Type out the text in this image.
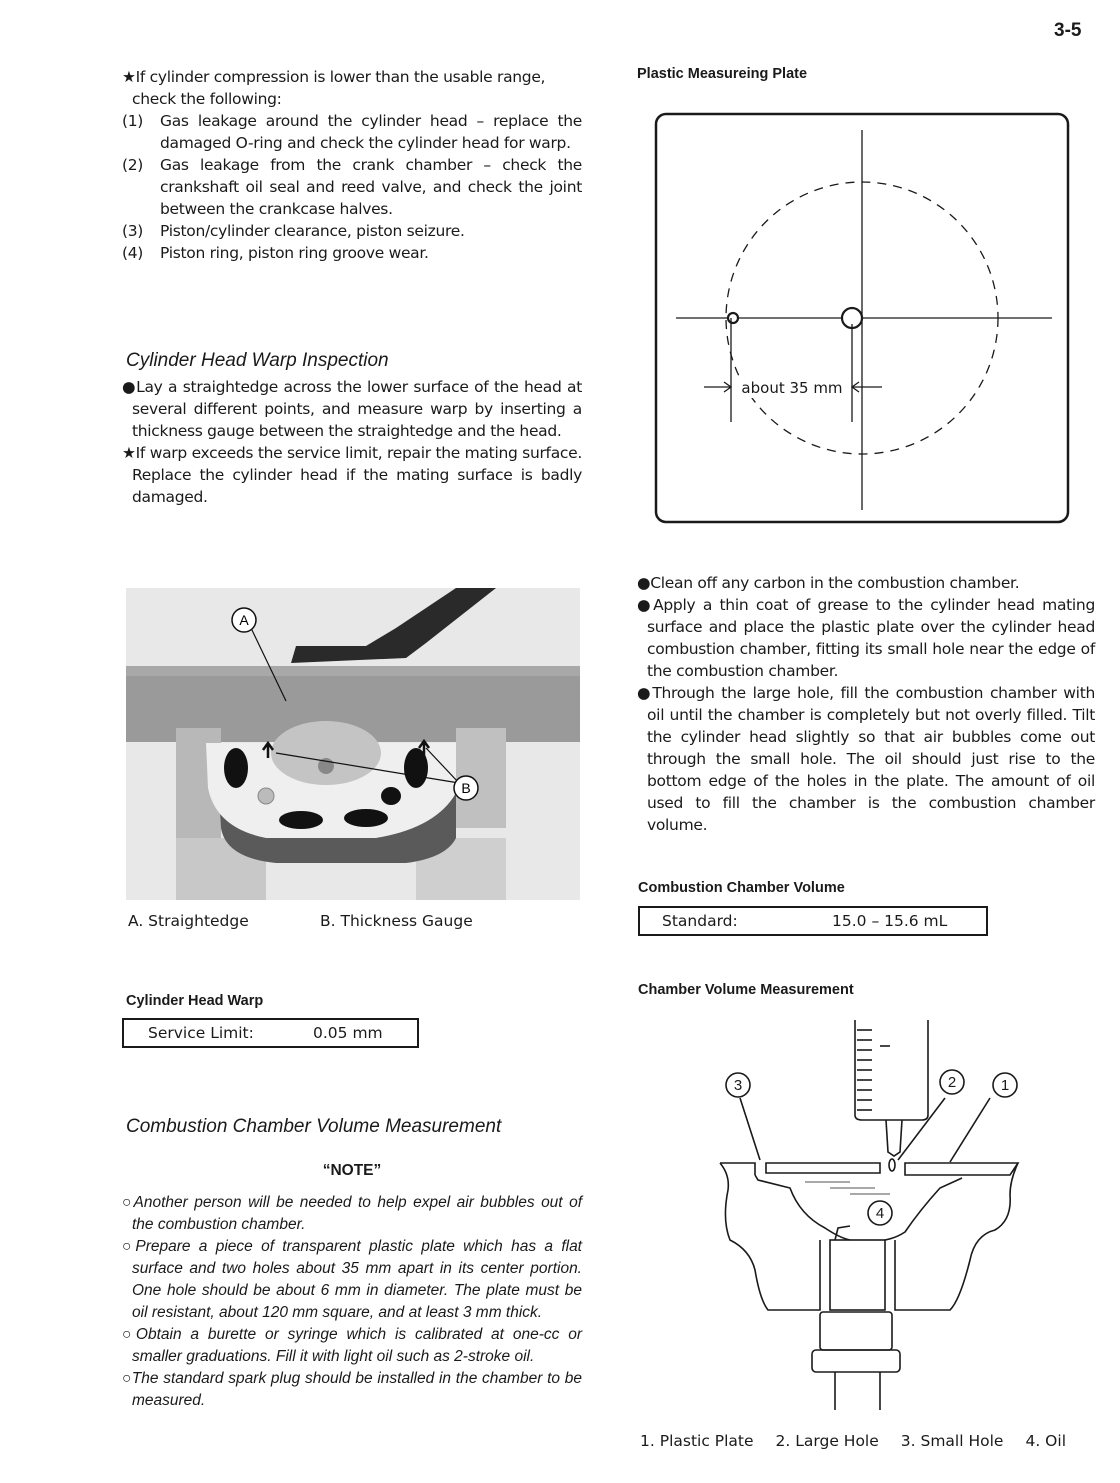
3-5
★If cylinder compression is lower than the usable range, check the following:
(1) Gas leakage around the cylinder head – replace the damaged O-ring and check the cylinder head for warp.
(2) Gas leakage from the crank chamber – check the crankshaft oil seal and reed valve, and check the joint between the crankcase halves.
(3) Piston/cylinder clearance, piston seizure.
(4) Piston ring, piston ring groove wear.
Cylinder Head Warp Inspection
●Lay a straightedge across the lower surface of the head at several different points, and measure warp by inserting a thickness gauge between the straightedge and the head.
★If warp exceeds the service limit, repair the mating surface. Replace the cylinder head if the mating surface is badly damaged.
A
B
A. Straightedge	B. Thickness Gauge
Cylinder Head Warp
Service Limit:	0.05 mm
Combustion Chamber Volume Measurement
“NOTE”
○Another person will be needed to help expel air bubbles out of the combustion chamber.
○Prepare a piece of transparent plastic plate which has a flat surface and two holes about 35 mm apart in its center portion. One hole should be about 6 mm in diameter. The plate must be oil resistant, about 120 mm square, and at least 3 mm thick.
○Obtain a burette or syringe which is calibrated at one-cc or smaller graduations. Fill it with light oil such as 2-stroke oil.
○The standard spark plug should be installed in the chamber to be measured.
Plastic Measureing Plate
about 35 mm
●Clean off any carbon in the combustion chamber.
●Apply a thin coat of grease to the cylinder head mating surface and place the plastic plate over the cylinder head combustion chamber, fitting its small hole near the edge of the combustion chamber.
●Through the large hole, fill the combustion chamber with oil until the chamber is completely but not overly filled. Tilt the cylinder head slightly so that air bubbles come out through the small hole. The oil should just rise to the bottom edge of the holes in the plate. The amount of oil used to fill the chamber is the combustion chamber volume.
Combustion Chamber Volume
Standard:	15.0 – 15.6 mL
Chamber Volume Measurement
1
2
3
4
1. Plastic Plate 2. Large Hole 3. Small Hole 4. Oil
